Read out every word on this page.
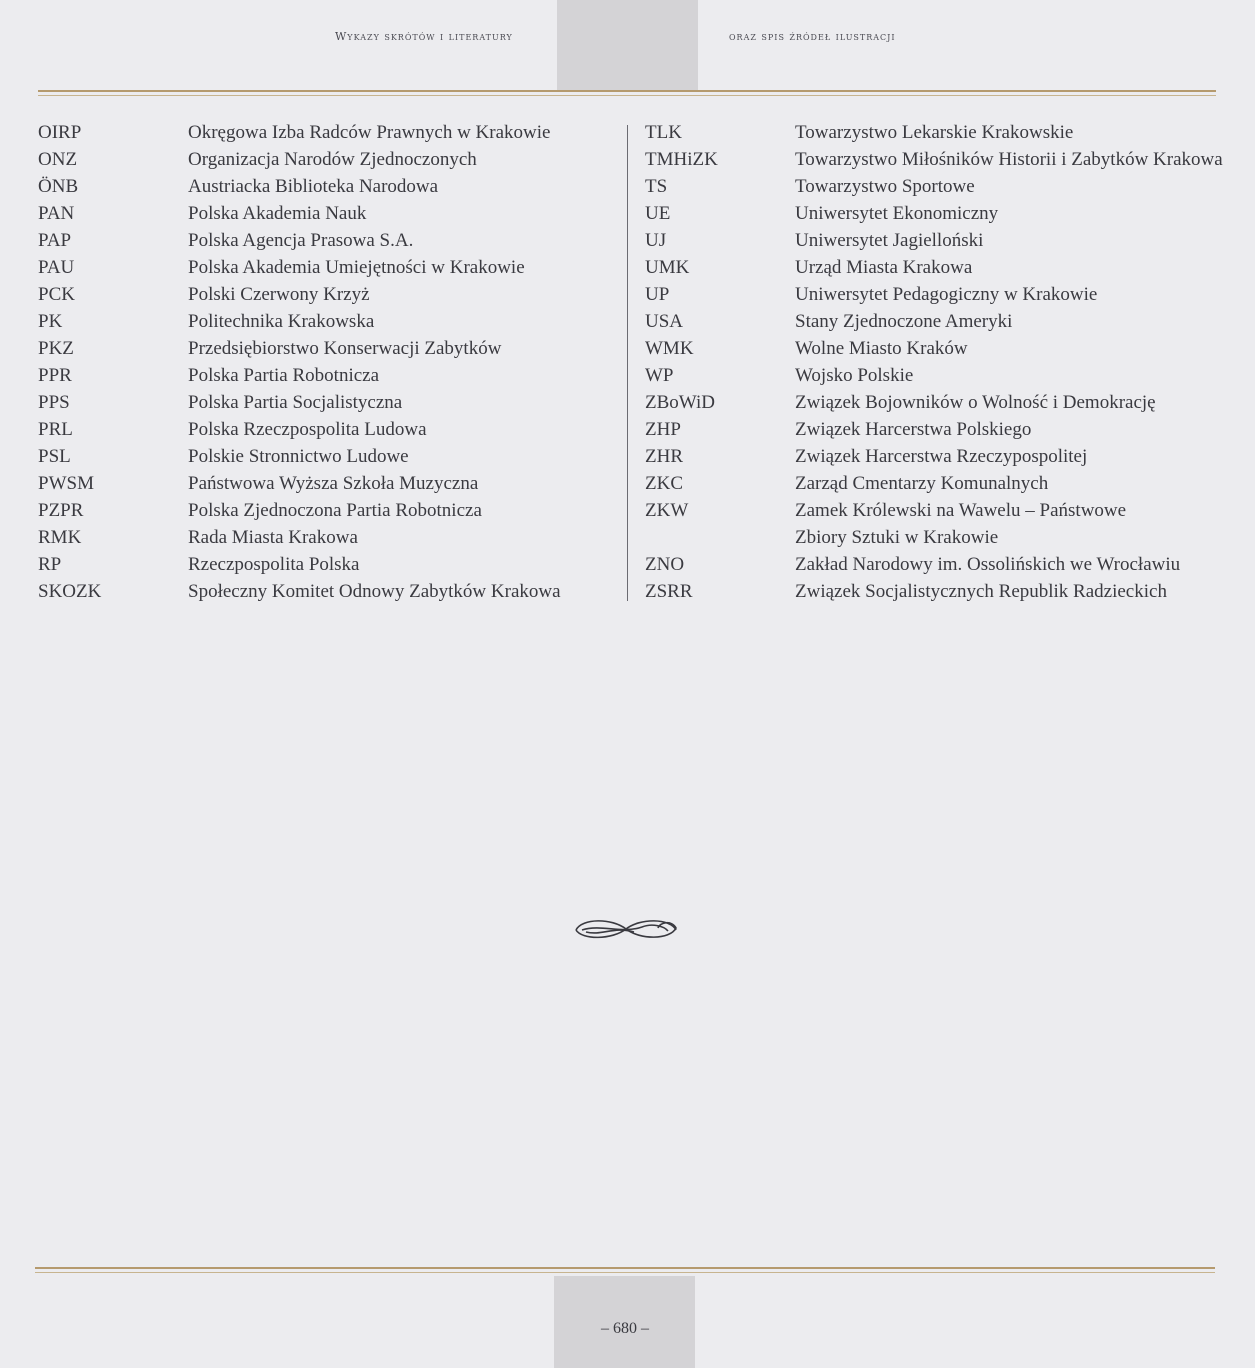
Wykazy skrótów i literatury	oraz spis źródeł ilustracji
OIRP	Okręgowa Izba Radców Prawnych w Krakowie
ONZ	Organizacja Narodów Zjednoczonych
ÖNB	Austriacka Biblioteka Narodowa
PAN	Polska Akademia Nauk
PAP	Polska Agencja Prasowa S.A.
PAU	Polska Akademia Umiejętności w Krakowie
PCK	Polski Czerwony Krzyż
PK	Politechnika Krakowska
PKZ	Przedsiębiorstwo Konserwacji Zabytków
PPR	Polska Partia Robotnicza
PPS	Polska Partia Socjalistyczna
PRL	Polska Rzeczpospolita Ludowa
PSL	Polskie Stronnictwo Ludowe
PWSM	Państwowa Wyższa Szkoła Muzyczna
PZPR	Polska Zjednoczona Partia Robotnicza
RMK	Rada Miasta Krakowa
RP	Rzeczpospolita Polska
SKOZK	Społeczny Komitet Odnowy Zabytków Krakowa
TLK	Towarzystwo Lekarskie Krakowskie
TMHiZK	Towarzystwo Miłośników Historii i Zabytków Krakowa
TS	Towarzystwo Sportowe
UE	Uniwersytet Ekonomiczny
UJ	Uniwersytet Jagielloński
UMK	Urząd Miasta Krakowa
UP	Uniwersytet Pedagogiczny w Krakowie
USA	Stany Zjednoczone Ameryki
WMK	Wolne Miasto Kraków
WP	Wojsko Polskie
ZBoWiD	Związek Bojowników o Wolność i Demokrację
ZHP	Związek Harcerstwa Polskiego
ZHR	Związek Harcerstwa Rzeczypospolitej
ZKC	Zarząd Cmentarzy Komunalnych
ZKW	Zamek Królewski na Wawelu – Państwowe
Zbiory Sztuki w Krakowie
ZNO	Zakład Narodowy im. Ossolińskich we Wrocławiu
ZSRR	Związek Socjalistycznych Republik Radzieckich
– 680 –
